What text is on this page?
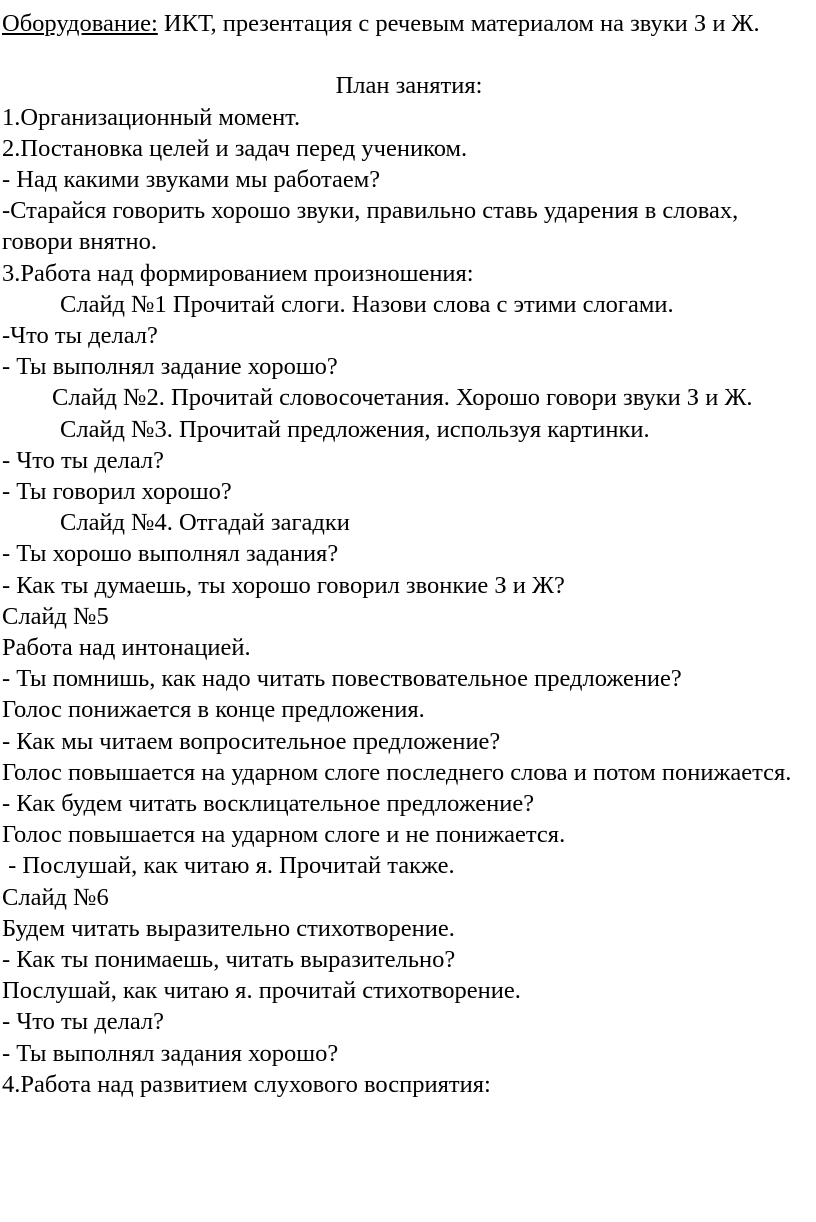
Оборудование: ИКТ, презентация с речевым материалом на звуки З и Ж.
План занятия:
1.Организационный момент.
2.Постановка целей и задач перед учеником.
- Над какими звуками мы работаем?
-Старайся говорить хорошо звуки, правильно ставь ударения в словах, говори внятно.
3.Работа над формированием произношения:
Слайд №1 Прочитай слоги. Назови слова с этими слогами.
-Что ты делал?
- Ты выполнял задание хорошо?
Слайд №2. Прочитай словосочетания. Хорошо говори звуки З и Ж.
Слайд №3. Прочитай предложения, используя картинки.
- Что ты делал?
- Ты говорил хорошо?
Слайд №4. Отгадай загадки
- Ты хорошо выполнял задания?
- Как ты думаешь, ты хорошо говорил звонкие З и Ж?
Слайд №5
Работа над интонацией.
- Ты помнишь, как надо читать повествовательное предложение?
Голос понижается в конце предложения.
- Как мы читаем вопросительное предложение?
Голос повышается на ударном слоге последнего слова и потом понижается.
- Как будем читать восклицательное предложение?
Голос повышается на ударном слоге и не понижается.
- Послушай, как читаю я. Прочитай также.
Слайд №6
Будем читать выразительно стихотворение.
- Как ты понимаешь, читать выразительно?
Послушай, как читаю я. прочитай стихотворение.
- Что ты делал?
- Ты выполнял задания хорошо?
4.Работа над развитием слухового восприятия:
